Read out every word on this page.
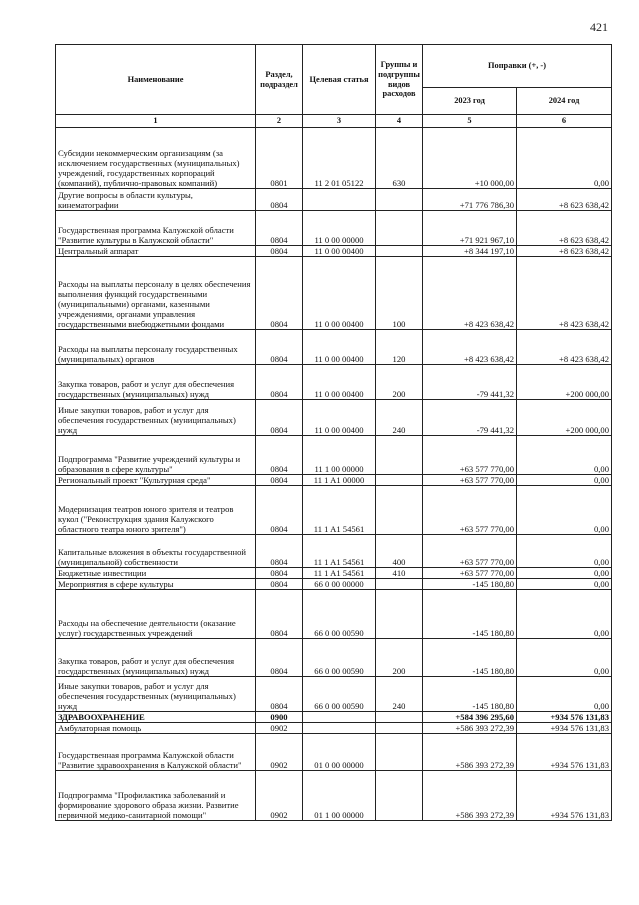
421
Наименование	Раздел, подраздел	Целевая статья	Группы и подгруппы видов расходов	Поправки (+, -)	
				2023 год	2024 год
1	2	3	4	5	6
Субсидии некоммерческим организациям (за исключением государственных (муниципальных) учреждений, государственных корпораций (компаний), публично-правовых компаний)	0801	11 2 01 05122	630	+10 000,00	0,00
Другие вопросы в области культуры, кинематографии	0804			+71 776 786,30	+8 623 638,42
Государственная программа Калужской области "Развитие культуры в Калужской области"	0804	11 0 00 00000		+71 921 967,10	+8 623 638,42
Центральный аппарат	0804	11 0 00 00400		+8 344 197,10	+8 623 638,42
Расходы на выплаты персоналу в целях обеспечения выполнения функций государственными (муниципальными) органами, казенными учреждениями, органами управления государственными внебюджетными фондами	0804	11 0 00 00400	100	+8 423 638,42	+8 423 638,42
Расходы на выплаты персоналу государственных (муниципальных) органов	0804	11 0 00 00400	120	+8 423 638,42	+8 423 638,42
Закупка товаров, работ и услуг для обеспечения государственных (муниципальных) нужд	0804	11 0 00 00400	200	-79 441,32	+200 000,00
Иные закупки товаров, работ и услуг для обеспечения государственных (муниципальных) нужд	0804	11 0 00 00400	240	-79 441,32	+200 000,00
Подпрограмма "Развитие учреждений культуры и образования в сфере культуры"	0804	11 1 00 00000		+63 577 770,00	0,00
Региональный проект "Культурная среда"	0804	11 1 A1 00000		+63 577 770,00	0,00
Модернизация театров юного зрителя и театров кукол ("Реконструкция здания Калужского областного театра юного зрителя")	0804	11 1 A1 54561		+63 577 770,00	0,00
Капитальные вложения в объекты государственной (муниципальной) собственности	0804	11 1 A1 54561	400	+63 577 770,00	0,00
Бюджетные инвестиции	0804	11 1 A1 54561	410	+63 577 770,00	0,00
Мероприятия в сфере культуры	0804	66 0 00 00000		-145 180,80	0,00
Расходы на обеспечение деятельности (оказание услуг) государственных учреждений	0804	66 0 00 00590		-145 180,80	0,00
Закупка товаров, работ и услуг для обеспечения государственных (муниципальных) нужд	0804	66 0 00 00590	200	-145 180,80	0,00
Иные закупки товаров, работ и услуг для обеспечения государственных (муниципальных) нужд	0804	66 0 00 00590	240	-145 180,80	0,00
ЗДРАВООХРАНЕНИЕ	0900			+584 396 295,60	+934 576 131,83
Амбулаторная помощь	0902			+586 393 272,39	+934 576 131,83
Государственная программа Калужской области "Развитие здравоохранения в Калужской области"	0902	01 0 00 00000		+586 393 272,39	+934 576 131,83
Подпрограмма "Профилактика заболеваний и формирование здорового образа жизни. Развитие первичной медико-санитарной помощи"	0902	01 1 00 00000		+586 393 272,39	+934 576 131,83
